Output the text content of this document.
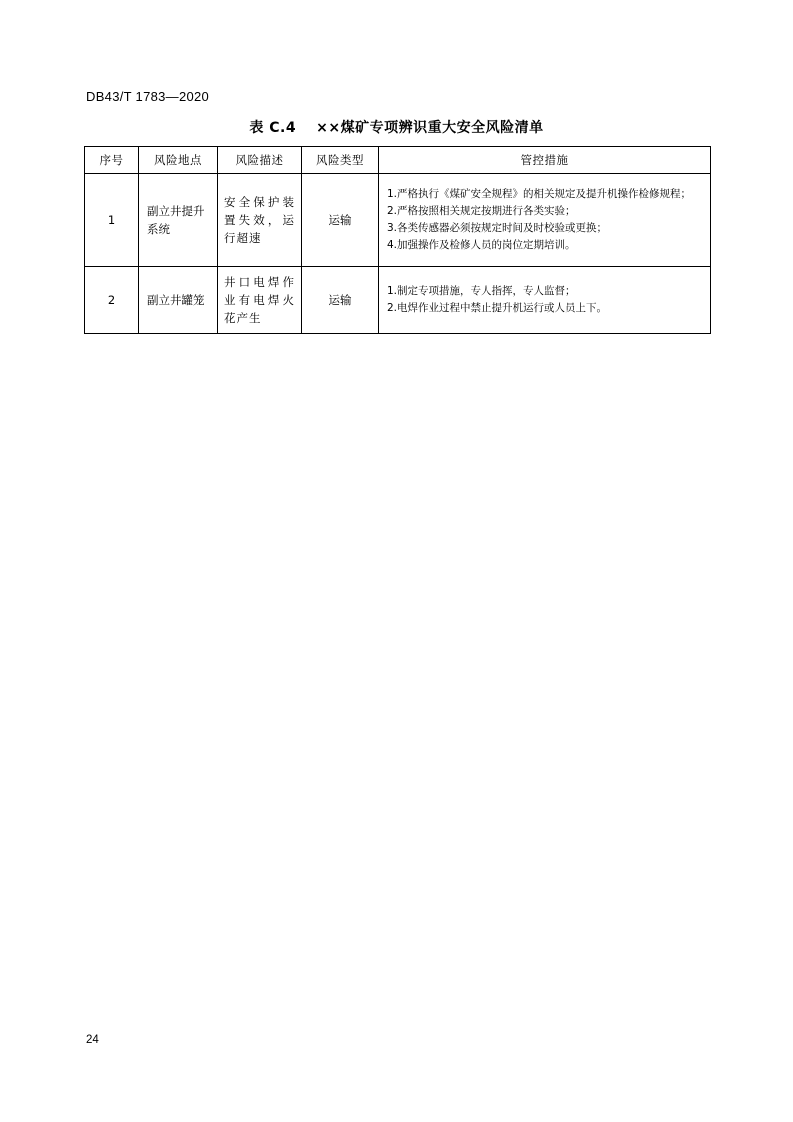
DB43/T 1783—2020
表 C.4 ××煤矿专项辨识重大安全风险清单
序号	风险地点	风险描述	风险类型	管控措施
1	副立井提升系统	安全保护装置失效，运行超速	运输	1.严格执行《煤矿安全规程》的相关规定及提升机操作检修规程；
2.严格按照相关规定按期进行各类实验；
3.各类传感器必须按规定时间及时校验或更换；
4.加强操作及检修人员的岗位定期培训。

2	副立井罐笼	井口电焊作业有电焊火花产生	运输	1.制定专项措施，专人指挥，专人监督；
2.电焊作业过程中禁止提升机运行或人员上下。
24
